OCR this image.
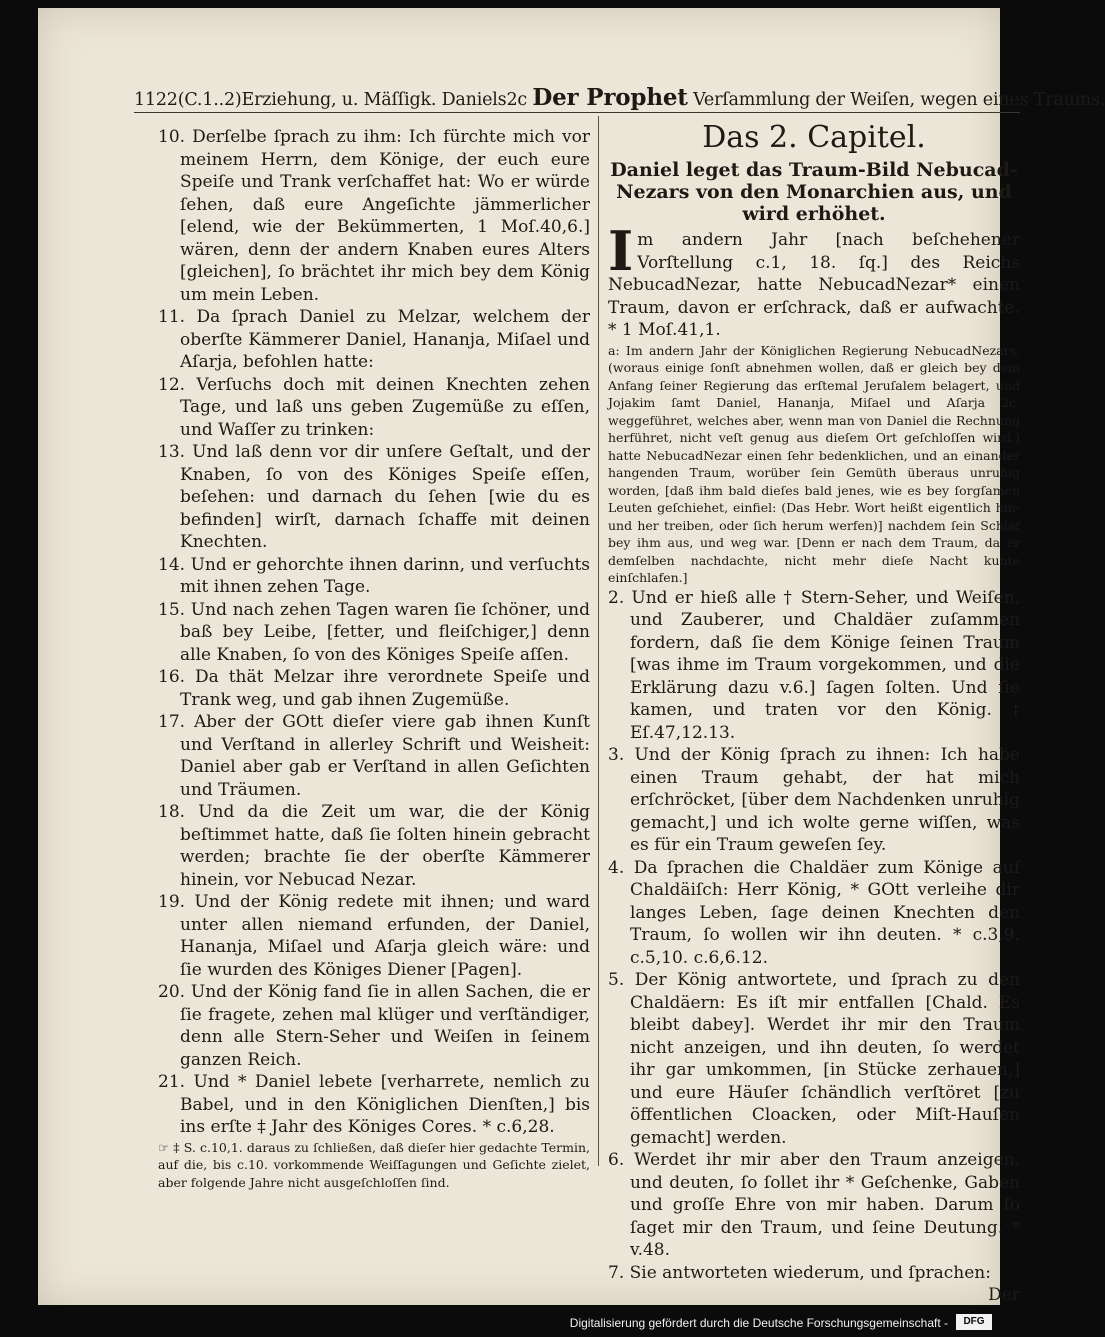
1122(C.1..2)Erziehung, u. Mäſſigk. Daniels2c Der Prophet Verſammlung der Weiſen, wegen eines Traums.

10. Derſelbe ſprach zu ihm: Ich fürchte mich vor meinem Herrn, dem Könige, der euch eure Speiſe und Trank verſchaffet hat: Wo er würde ſehen, daß eure Angeſichte jämmerlicher [elend, wie der Bekümmerten, 1 Moſ.40,6.] wären, denn der andern Knaben eures Alters [gleichen], ſo brächtet ihr mich bey dem König um mein Leben.

11. Da ſprach Daniel zu Melzar, welchem der oberſte Kämmerer Daniel, Hananja, Miſael und Aſarja, befohlen hatte:

12. Verſuchs doch mit deinen Knechten zehen Tage, und laß uns geben Zugemüße zu eſſen, und Waſſer zu trinken:

13. Und laß denn vor dir unſere Geſtalt, und der Knaben, ſo von des Königes Speiſe eſſen, beſehen: und darnach du ſehen [wie du es befinden] wirſt, darnach ſchaffe mit deinen Knechten.

14. Und er gehorchte ihnen darinn, und verſuchts mit ihnen zehen Tage.

15. Und nach zehen Tagen waren ſie ſchöner, und baß bey Leibe, [fetter, und fleiſchiger,] denn alle Knaben, ſo von des Königes Speiſe aſſen.

16. Da thät Melzar ihre verordnete Speiſe und Trank weg, und gab ihnen Zugemüße.

17. Aber der GOtt dieſer viere gab ihnen Kunſt und Verſtand in allerley Schrift und Weisheit: Daniel aber gab er Verſtand in allen Geſichten und Träumen.

18. Und da die Zeit um war, die der König beſtimmet hatte, daß ſie ſolten hinein gebracht werden; brachte ſie der oberſte Kämmerer hinein, vor Nebucad Nezar.

19. Und der König redete mit ihnen; und ward unter allen niemand erfunden, der Daniel, Hananja, Miſael und Aſarja gleich wäre: und ſie wurden des Königes Diener [Pagen].

20. Und der König fand ſie in allen Sachen, die er ſie fragete, zehen mal klüger und verſtändiger, denn alle Stern-Seher und Weiſen in ſeinem ganzen Reich.

21. Und * Daniel lebete [verharrete, nemlich zu Babel, und in den Königlichen Dienſten,] bis ins erſte ‡ Jahr des Königes Cores. * c.6,28.

☞ ‡ S. c.10,1. daraus zu ſchließen, daß dieſer hier gedachte Termin, auf die, bis c.10. vorkommende Weiſſagungen und Geſichte zielet, aber folgende Jahre nicht ausgeſchloſſen ſind.

Das 2. Capitel.

Daniel leget das Traum-Bild Nebucad-Nezars von den Monarchien aus, und wird erhöhet.

Im andern Jahr [nach beſchehener Vorſtellung c.1, 18. ſq.] des Reichs NebucadNezar, hatte NebucadNezar* einen Traum, davon er erſchrack, daß er aufwachte. * 1 Moſ.41,1.

a: Im andern Jahr der Königlichen Regierung NebucadNezars, (woraus einige ſonſt abnehmen wollen, daß er gleich bey dem Anfang ſeiner Regierung das erſtemal Jeruſalem belagert, und Jojakim ſamt Daniel, Hananja, Miſael und Aſarja 2c. weggeführet, welches aber, wenn man von Daniel die Rechnung herführet, nicht veſt genug aus dieſem Ort geſchloſſen wird,) hatte NebucadNezar einen ſehr bedenklichen, und an einander hangenden Traum, worüber ſein Gemüth überaus unruhig worden, [daß ihm bald dieſes bald jenes, wie es bey ſorgſamen Leuten geſchiehet, einfiel: (Das Hebr. Wort heißt eigentlich hin- und her treiben, oder ſich herum werfen)] nachdem ſein Schlaf bey ihm aus, und weg war. [Denn er nach dem Traum, da er demſelben nachdachte, nicht mehr dieſe Nacht kunte einſchlafen.]

2. Und er hieß alle † Stern-Seher, und Weiſen, und Zauberer, und Chaldäer zuſammen fordern, daß ſie dem Könige ſeinen Traum [was ihme im Traum vorgekommen, und die Erklärung dazu v.6.] ſagen ſolten. Und ſie kamen, und traten vor den König. † Eſ.47,12.13.

3. Und der König ſprach zu ihnen: Ich habe einen Traum gehabt, der hat mich erſchröcket, [über dem Nachdenken unruhig gemacht,] und ich wolte gerne wiſſen, was es für ein Traum geweſen ſey.

4. Da ſprachen die Chaldäer zum Könige auf Chaldäiſch: Herr König, * GOtt verleihe dir langes Leben, ſage deinen Knechten den Traum, ſo wollen wir ihn deuten. * c.3,9. c.5,10. c.6,6.12.

5. Der König antwortete, und ſprach zu den Chaldäern: Es iſt mir entfallen [Chald. Es bleibt dabey]. Werdet ihr mir den Traum nicht anzeigen, und ihn deuten, ſo werdet ihr gar umkommen, [in Stücke zerhauen,] und eure Häuſer ſchändlich verſtöret [zu öffentlichen Cloacken, oder Miſt-Hauſen gemacht] werden.

6. Werdet ihr mir aber den Traum anzeigen, und deuten, ſo ſollet ihr * Geſchenke, Gaben und groſſe Ehre von mir haben. Darum ſo ſaget mir den Traum, und ſeine Deutung. * v.48.

7. Sie antworteten wiederum, und ſprachen:

Der

Digitalisierung gefördert durch die Deutsche Forschungsgemeinschaft -	DFG
